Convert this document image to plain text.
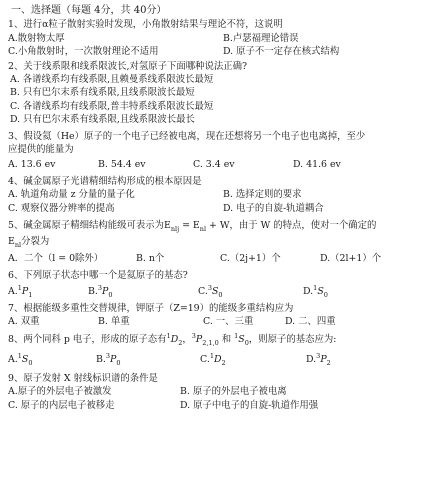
一、选择题（每题 4分，共 40分）
1、进行α粒子散射实验时发现，小角散射结果与理论不符，这说明
A.散射物太厚	B.卢瑟福理论错误
C.小角散射时，一次散射理论不适用	D. 原子不一定存在核式结构
2、关于线系限和线系限波长,对氢原子下面哪种说法正确?
A. 各谱线系均有线系限,且赖曼系线系限波长最短
B. 只有巴尔末系有线系限,且线系限波长最短
C. 各谱线系均有线系限,普丰特系线系限波长最短
D. 只有巴尔末系有线系限,且线系限波长最长
3、假设氦（He）原子的一个电子已经被电离，现在还想将另一个电子也电离掉，至少
应提供的能量为
A. 13.6 ev	B. 54.4 ev	C. 3.4 ev	D. 41.6 ev
4、碱金属原子光谱精细结构形成的根本原因是
A. 轨道角动量 z 分量的量子化	B. 选择定则的要求
C. 观察仪器分辨率的提高	D. 电子的自旋-轨道耦合
5、碱金属原子精细结构能级可表示为$E_{nlj} = E_{nl} + W$，由于 W 的特点，使对一个确定的
$E_{nl}$分裂为
A．二个（l = 0除外）	B. n个	C.（2j+1）个	D.（2l+1）个
6、下列原子状态中哪一个是氦原子的基态?
$A.^1P_1$	$B.^3P_0$	$C.^3S_0$	$D.^1S_0$
7、根据能级多重性交替规律，钾原子（Z=19）的能级多重结构应为
A. 双重	B. 单重	C. 一、三重	D. 二、四重
8、两个同科 p 电子，形成的原子态有$^1D_2$，$^3P_{2,1,0}$ 和 $^1S_0$，则原子的基态应为:
$A.^1S_0$	$B.^3P_0$	$C.^1D_2$	$D.^3P_2$
9、原子发射 X 射线标识谱的条件是
A.原子的外层电子被激发	B. 原子的外层电子被电离
C. 原子的内层电子被移走	D. 原子中电子的自旋-轨道作用强
